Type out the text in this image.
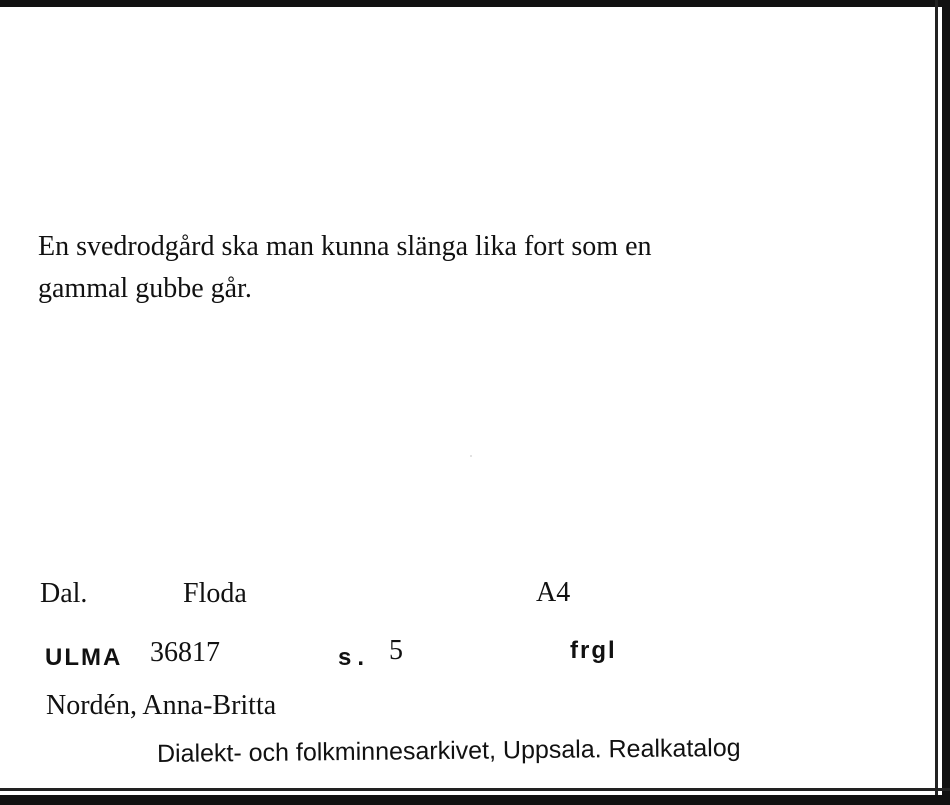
En svedrodgård ska man kunna slänga lika fort som en
gammal gubbe går.
Dal.	Floda	A4
ULMA 36817	s. 5	frgl
Nordén, Anna-Britta
Dialekt- och folkminnesarkivet, Uppsala. Realkatalog
